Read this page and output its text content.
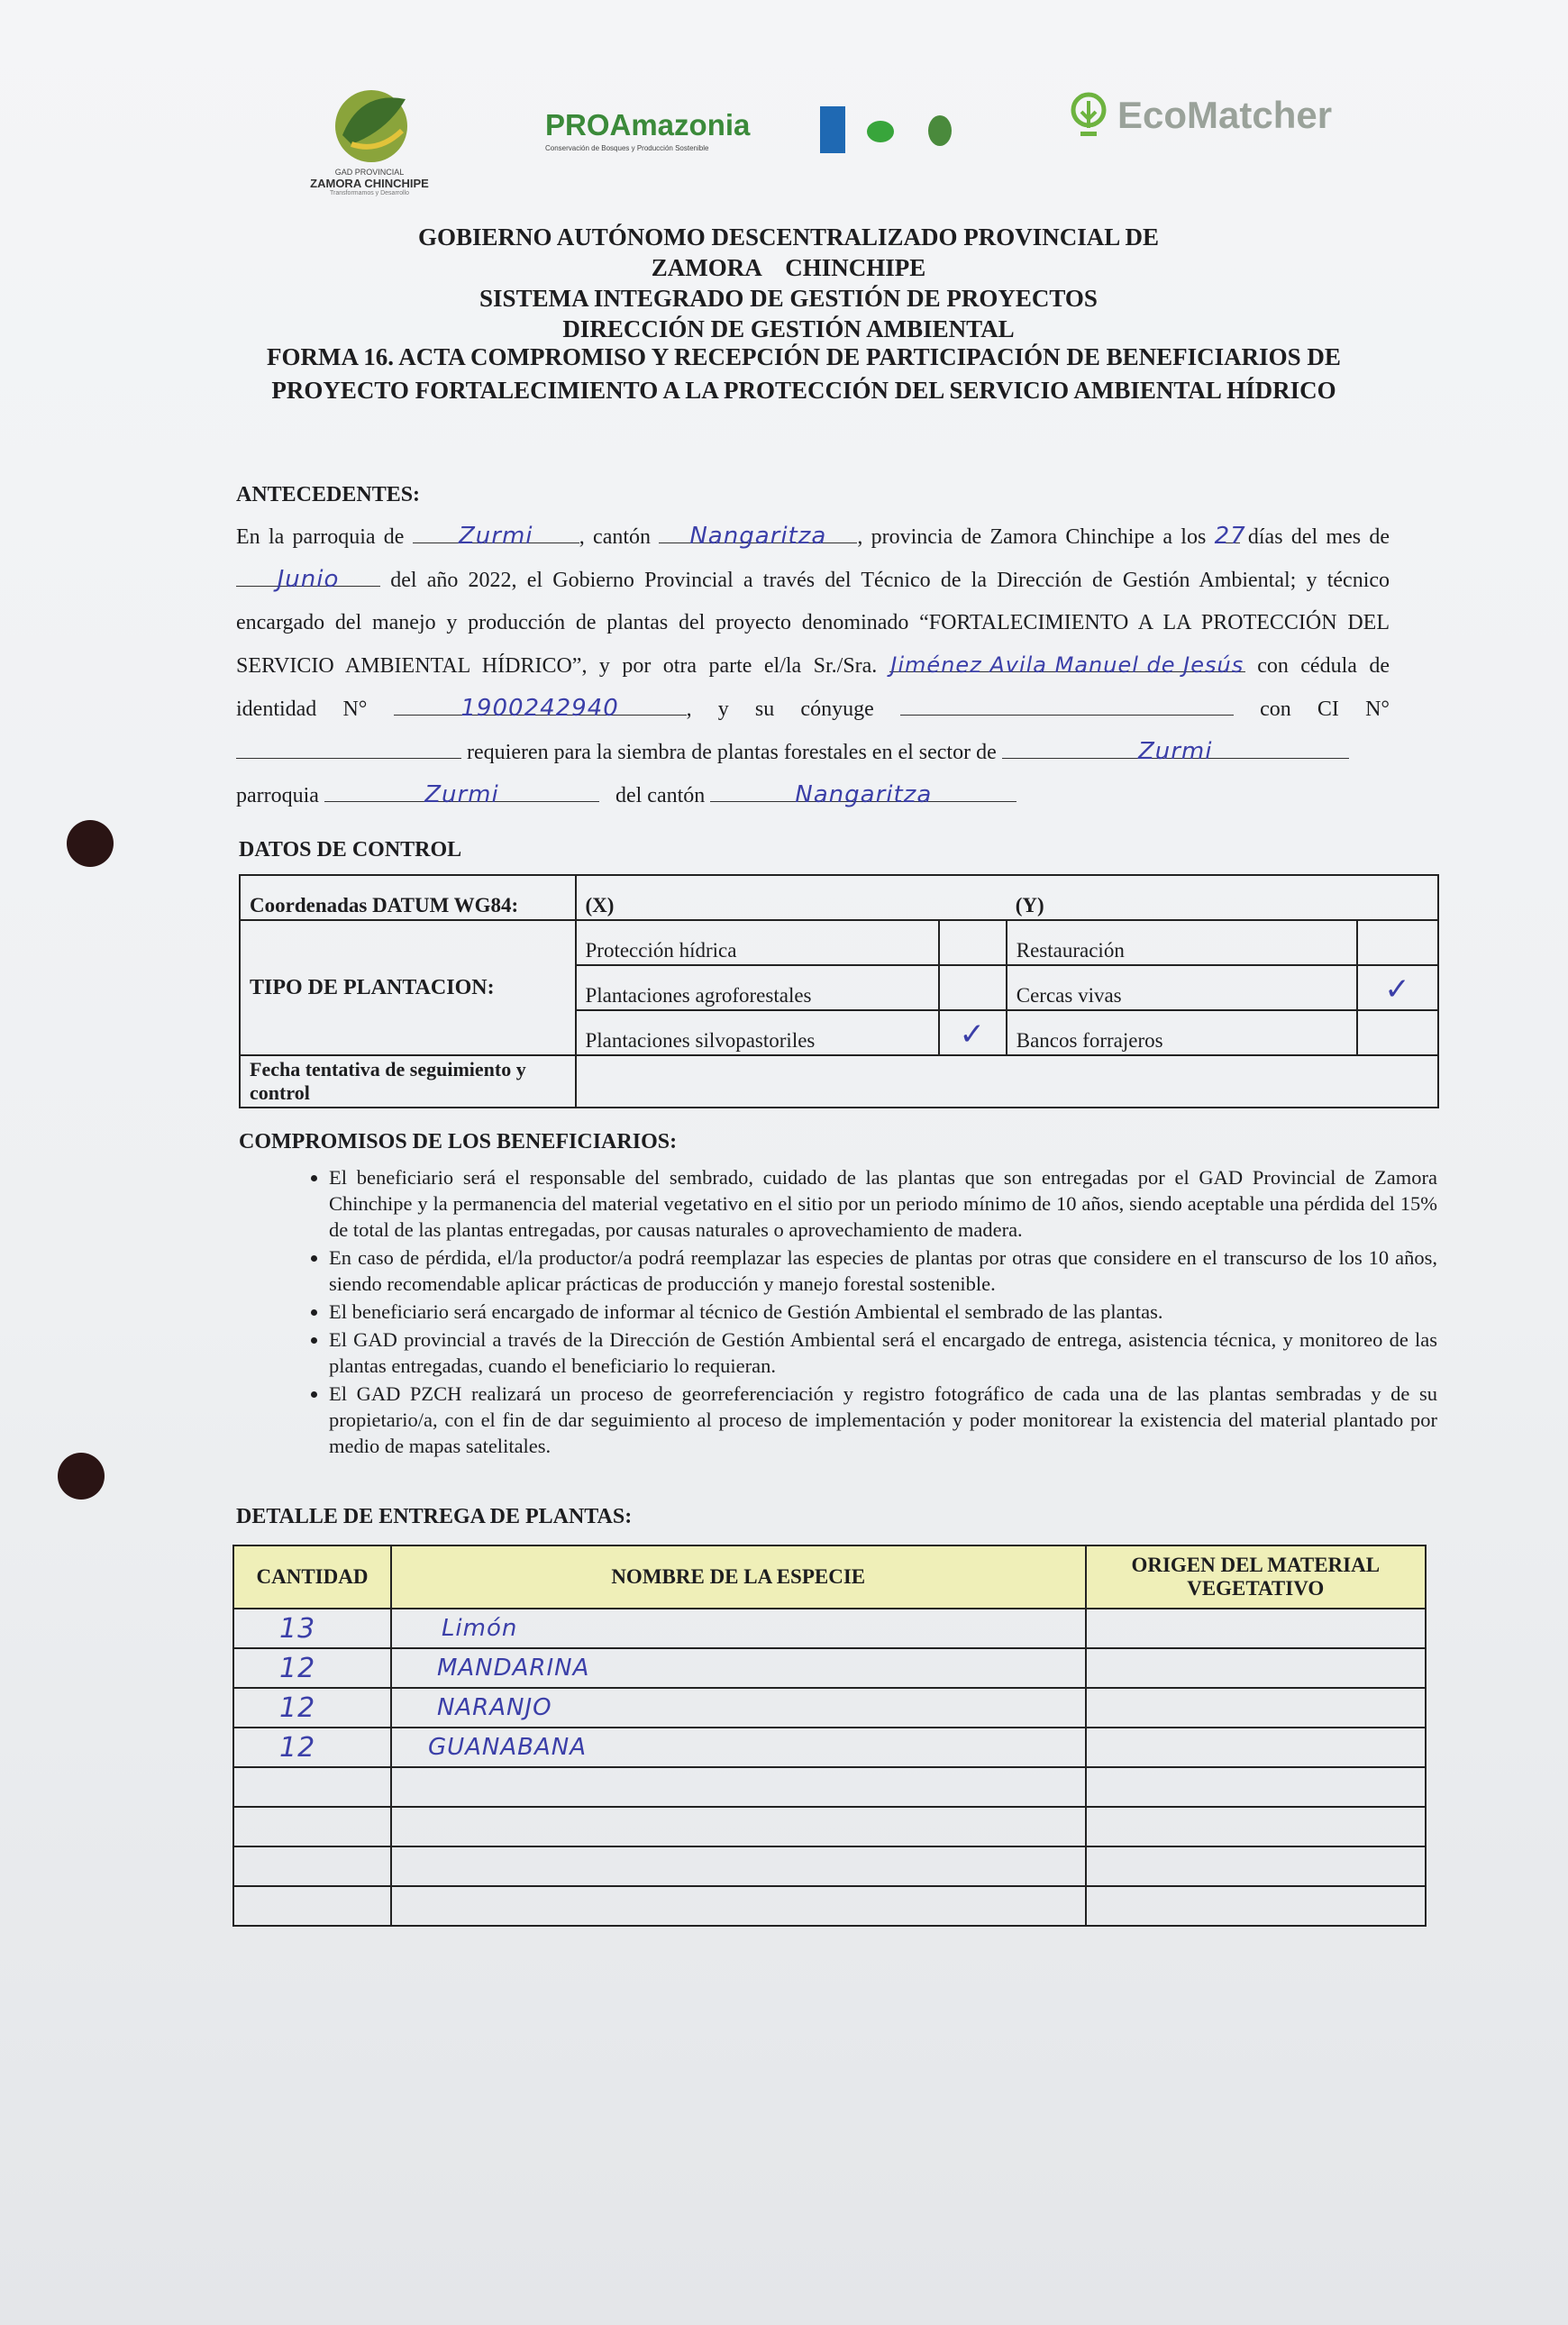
GAD PROVINCIAL
ZAMORA CHINCHIPE
Transformamos y Desarrollo
PROAmazonia
Conservación de Bosques y Producción Sostenible
EcoMatcher
GOBIERNO AUTÓNOMO DESCENTRALIZADO PROVINCIAL DE
ZAMORA    CHINCHIPE
SISTEMA INTEGRADO DE GESTIÓN DE PROYECTOS
DIRECCIÓN DE GESTIÓN AMBIENTAL
FORMA 16. ACTA COMPROMISO Y RECEPCIÓN DE PARTICIPACIÓN DE BENEFICIARIOS DE
PROYECTO FORTALECIMIENTO A LA PROTECCIÓN DEL SERVICIO AMBIENTAL HÍDRICO
ANTECEDENTES:
En la parroquia de Zurmi , cantón Nangaritza , provincia de Zamora Chinchipe a los 27 días del mes de Junio del año 2022, el Gobierno Provincial a través del Técnico de la Dirección de Gestión Ambiental; y técnico encargado del manejo y producción de plantas del proyecto denominado “FORTALECIMIENTO A LA PROTECCIÓN DEL SERVICIO AMBIENTAL HÍDRICO”, y por otra parte el/la Sr./Sra. Jiménez Avila Manuel de Jesús con cédula de identidad N°	1900242940	, y su cónyuge	con CI N°  requieren para la siembra de plantas forestales en el sector de	Zurmi
parroquia	Zurmi	del cantón	Nangaritza
DATOS DE CONTROL
Coordenadas DATUM WG84:	(X)		(Y)	
TIPO DE PLANTACION:	Protección hídrica		Restauración	
	Plantaciones agroforestales		Cercas vivas	✓
	Plantaciones silvopastoriles	✓	Bancos forrajeros	
Fecha tentativa de seguimiento y control				
COMPROMISOS DE LOS BENEFICIARIOS:
• El beneficiario será el responsable del sembrado, cuidado de las plantas que son entregadas por el GAD Provincial de Zamora Chinchipe y la permanencia del material vegetativo en el sitio por un periodo mínimo de 10 años, siendo aceptable una pérdida del 15% de total de las plantas entregadas, por causas naturales o aprovechamiento de madera.
• En caso de pérdida, el/la productor/a podrá reemplazar las especies de plantas por otras que considere en el transcurso de los 10 años, siendo recomendable aplicar prácticas de producción y manejo forestal sostenible.
• El beneficiario será encargado de informar al técnico de Gestión Ambiental el sembrado de las plantas.
• El GAD provincial a través de la Dirección de Gestión Ambiental será el encargado de entrega, asistencia técnica, y monitoreo de las plantas entregadas, cuando el beneficiario lo requieran.
• El GAD PZCH realizará un proceso de georreferenciación y registro fotográfico de cada una de las plantas sembradas y de su propietario/a, con el fin de dar seguimiento al proceso de implementación y poder monitorear la existencia del material plantado por medio de mapas satelitales.
DETALLE DE ENTREGA DE PLANTAS:
CANTIDAD	NOMBRE DE LA ESPECIE	ORIGEN DEL MATERIAL
VEGETATIVO

13	Limón	
12	MANDARINA	
12	NARANJO	
12	GUANABANA	
